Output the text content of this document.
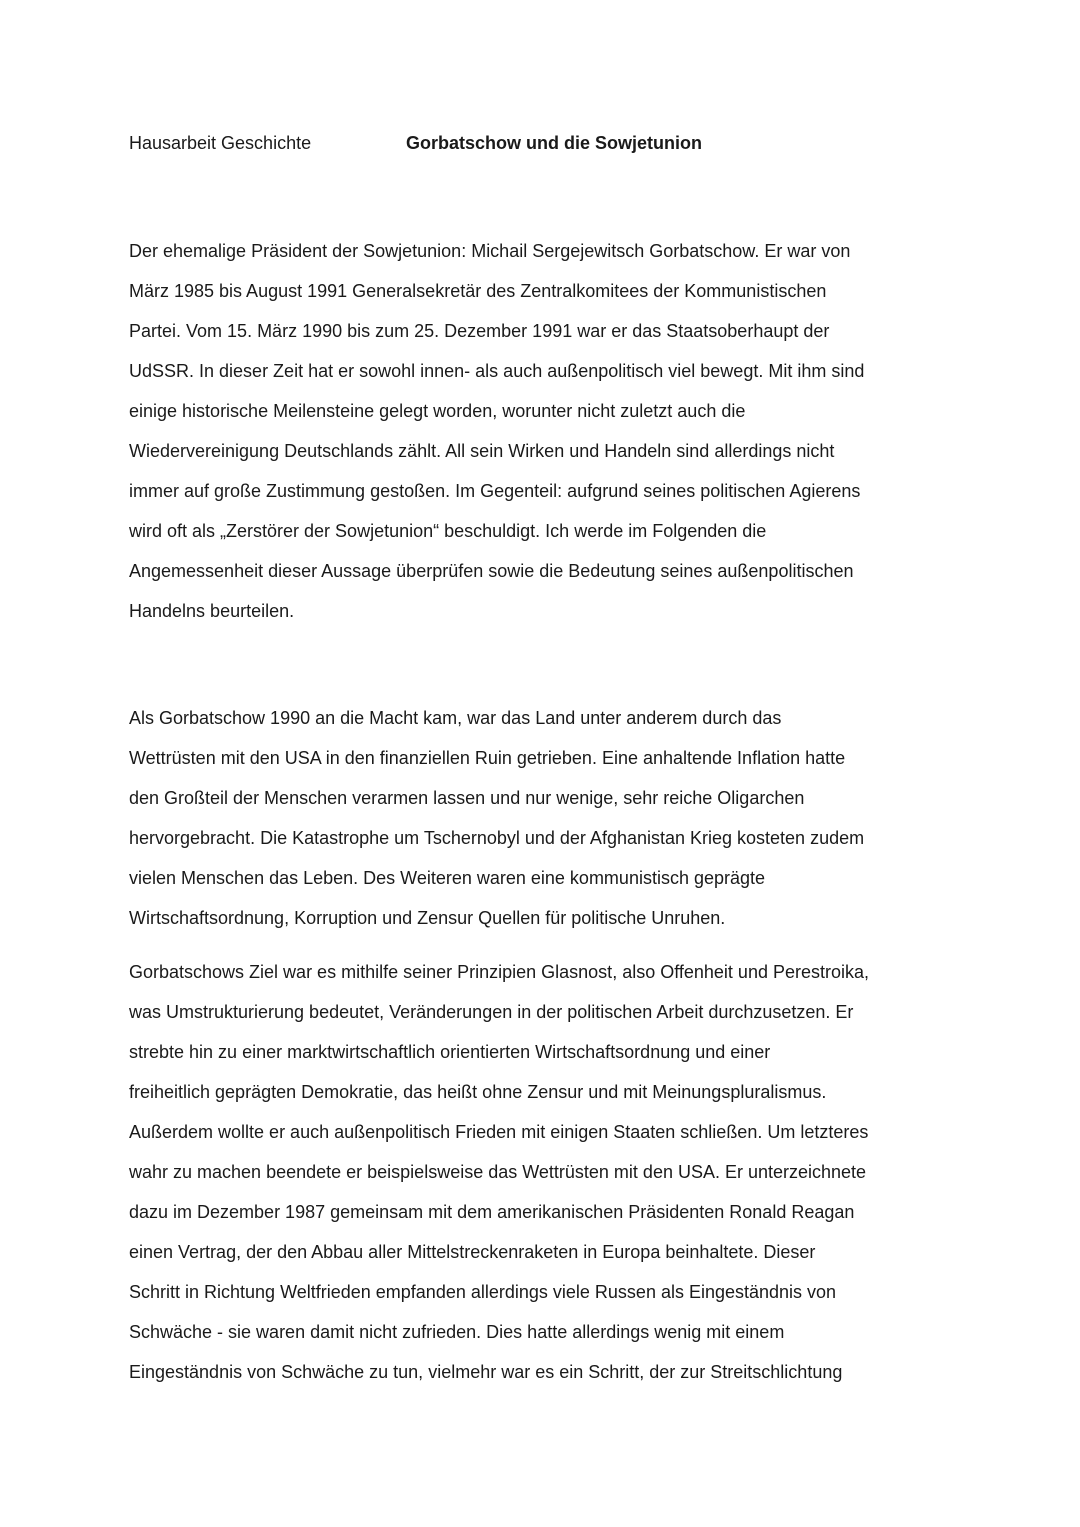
Hausarbeit Geschichte	Gorbatschow und die Sowjetunion
Der ehemalige Präsident der Sowjetunion: Michail Sergejewitsch Gorbatschow. Er war von
März 1985 bis August 1991 Generalsekretär des Zentralkomitees der Kommunistischen
Partei. Vom 15. März 1990 bis zum 25. Dezember 1991 war er das Staatsoberhaupt der
UdSSR. In dieser Zeit hat er sowohl innen- als auch außenpolitisch viel bewegt. Mit ihm sind
einige historische Meilensteine gelegt worden, worunter nicht zuletzt auch die
Wiedervereinigung Deutschlands zählt. All sein Wirken und Handeln sind allerdings nicht
immer auf große Zustimmung gestoßen. Im Gegenteil: aufgrund seines politischen Agierens
wird oft als „Zerstörer der Sowjetunion“ beschuldigt. Ich werde im Folgenden die
Angemessenheit dieser Aussage überprüfen sowie die Bedeutung seines außenpolitischen
Handelns beurteilen.
Als Gorbatschow 1990 an die Macht kam, war das Land unter anderem durch das
Wettrüsten mit den USA in den finanziellen Ruin getrieben. Eine anhaltende Inflation hatte
den Großteil der Menschen verarmen lassen und nur wenige, sehr reiche Oligarchen
hervorgebracht. Die Katastrophe um Tschernobyl und der Afghanistan Krieg kosteten zudem
vielen Menschen das Leben. Des Weiteren waren eine kommunistisch geprägte
Wirtschaftsordnung, Korruption und Zensur Quellen für politische Unruhen.
Gorbatschows Ziel war es mithilfe seiner Prinzipien Glasnost, also Offenheit und Perestroika,
was Umstrukturierung bedeutet, Veränderungen in der politischen Arbeit durchzusetzen. Er
strebte hin zu einer marktwirtschaftlich orientierten Wirtschaftsordnung und einer
freiheitlich geprägten Demokratie, das heißt ohne Zensur und mit Meinungspluralismus.
Außerdem wollte er auch außenpolitisch Frieden mit einigen Staaten schließen. Um letzteres
wahr zu machen beendete er beispielsweise das Wettrüsten mit den USA. Er unterzeichnete
dazu im Dezember 1987 gemeinsam mit dem amerikanischen Präsidenten Ronald Reagan
einen Vertrag, der den Abbau aller Mittelstreckenraketen in Europa beinhaltete. Dieser
Schritt in Richtung Weltfrieden empfanden allerdings viele Russen als Eingeständnis von
Schwäche - sie waren damit nicht zufrieden. Dies hatte allerdings wenig mit einem
Eingeständnis von Schwäche zu tun, vielmehr war es ein Schritt, der zur Streitschlichtung
